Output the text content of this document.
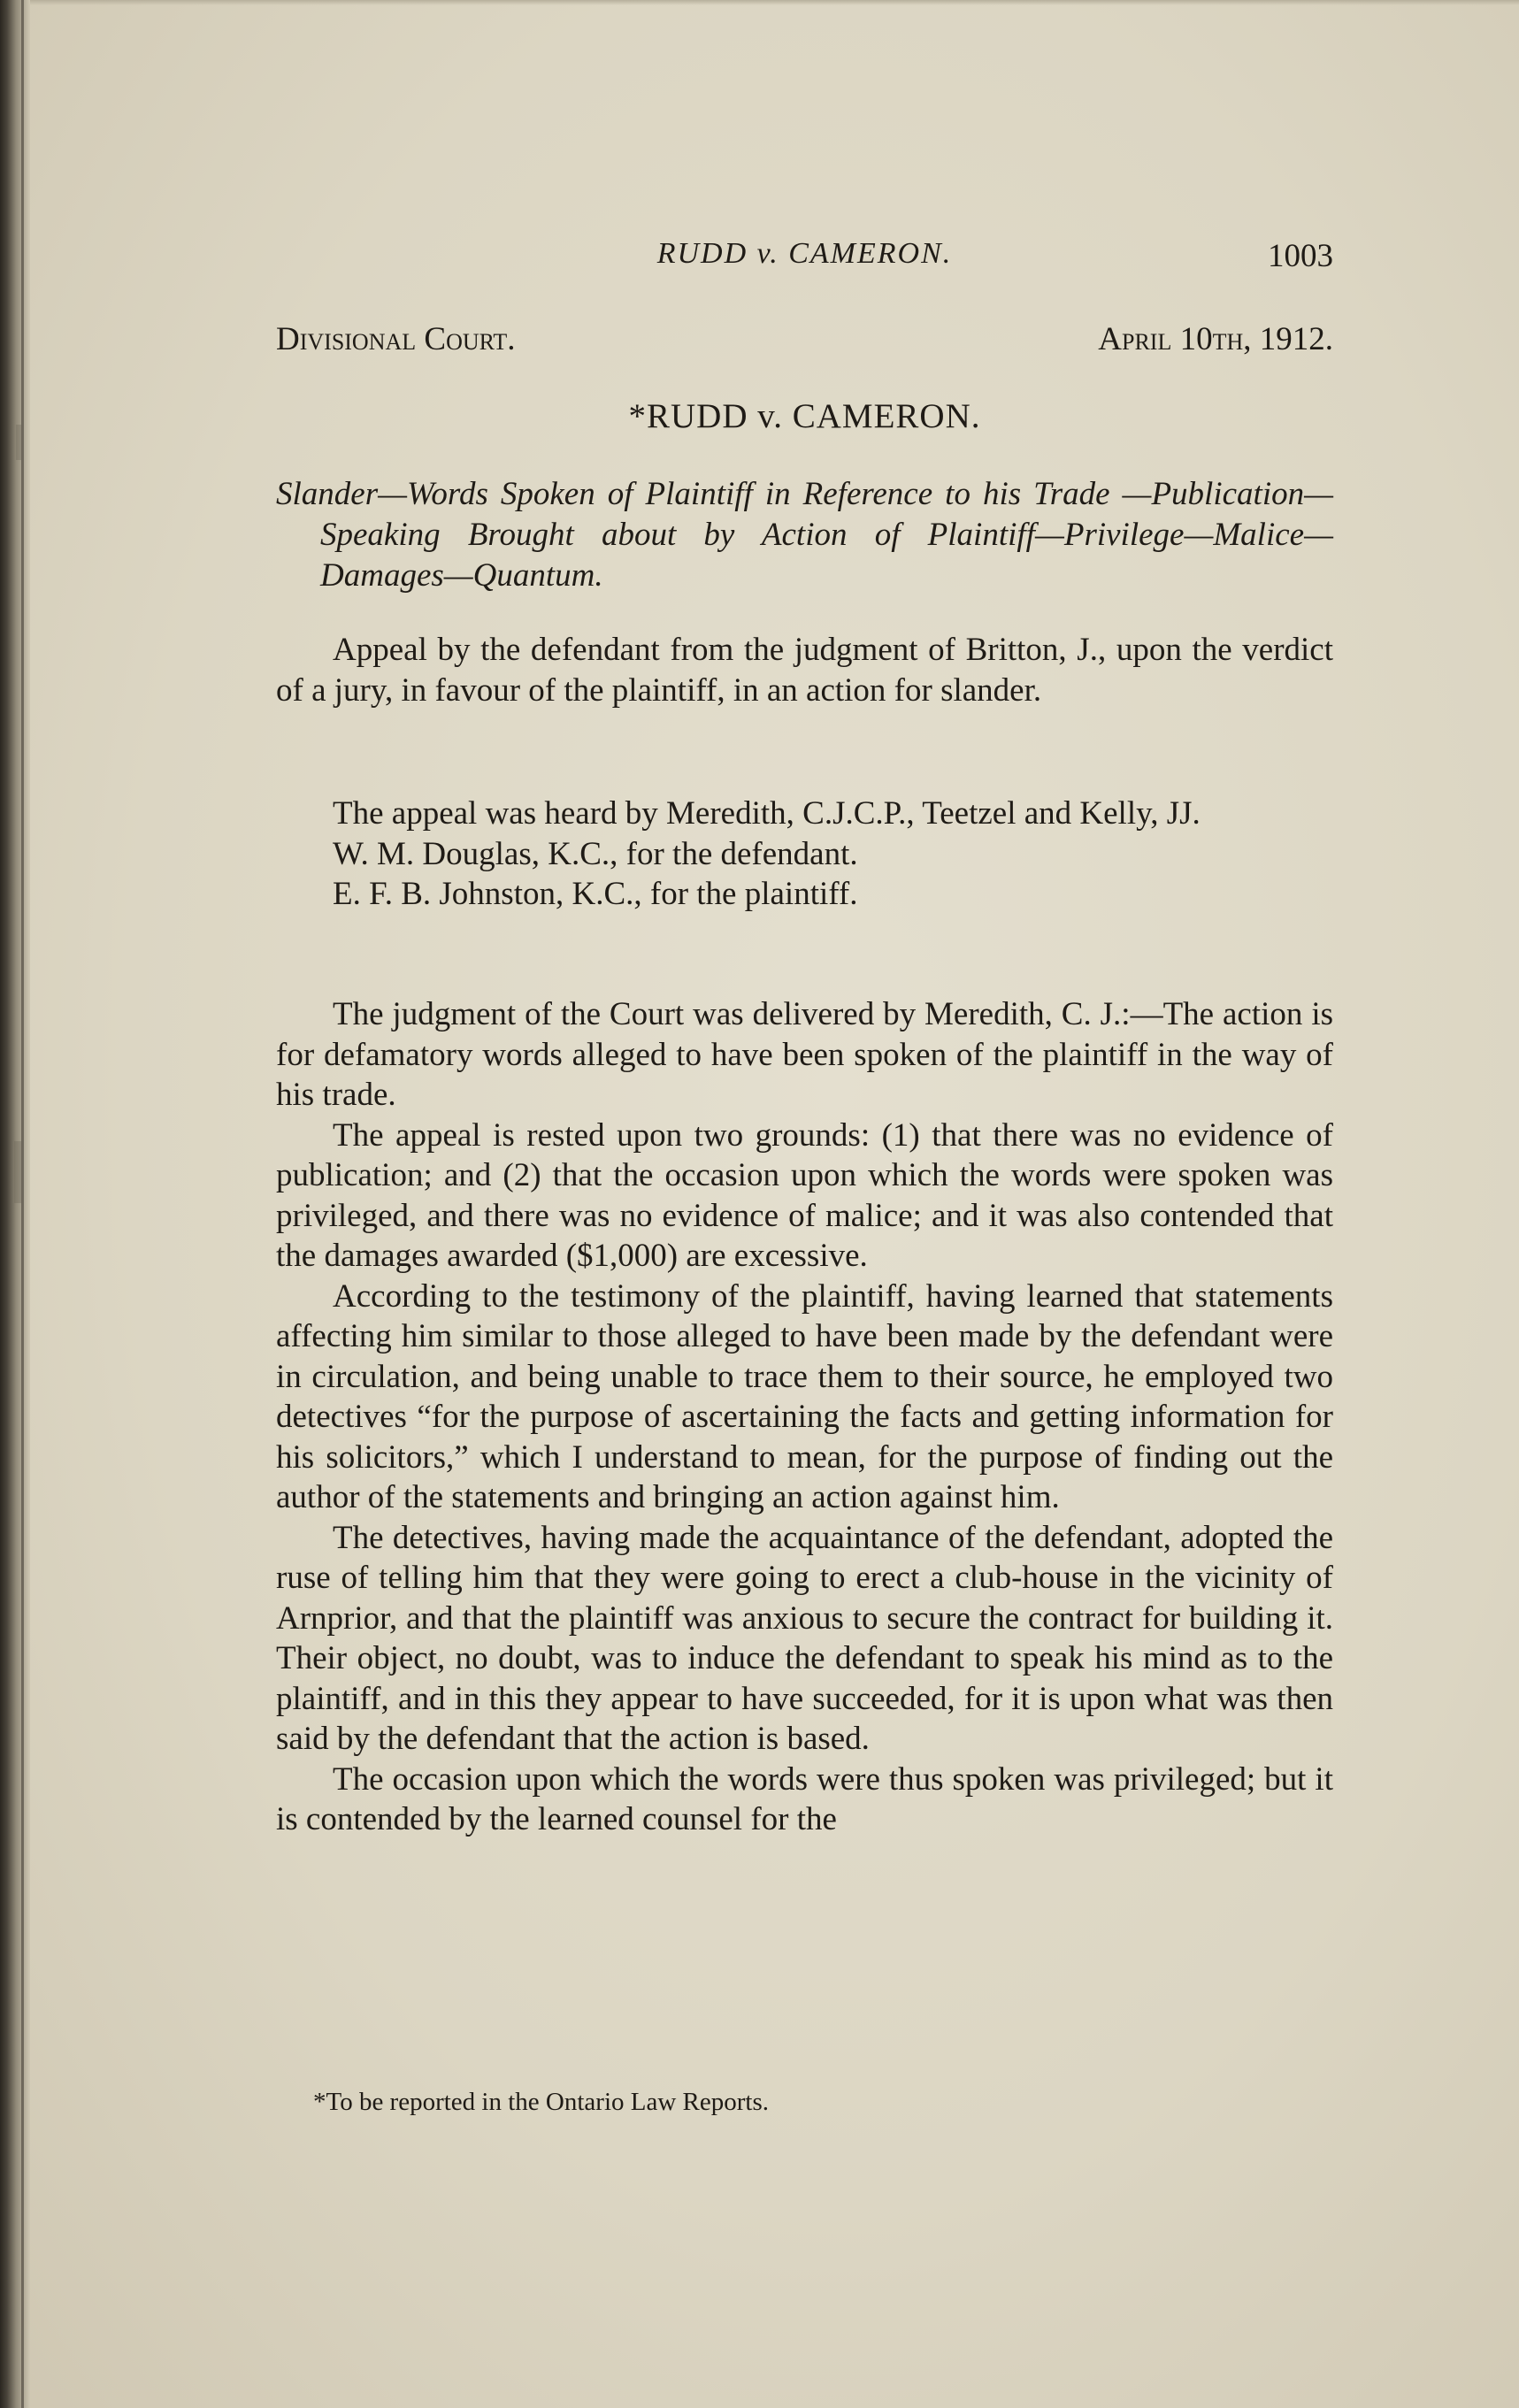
RUDD v. CAMERON.	1003
Divisional Court.	April 10th, 1912.
*RUDD v. CAMERON.
Slander—Words Spoken of Plaintiff in Reference to his Trade —Publication—Speaking Brought about by Action of Plaintiff—Privilege—Malice—Damages—Quantum.

Appeal by the defendant from the judgment of Britton, J., upon the verdict of a jury, in favour of the plaintiff, in an action for slander.

The appeal was heard by Meredith, C.J.C.P., Teetzel and Kelly, JJ.

W. M. Douglas, K.C., for the defendant.

E. F. B. Johnston, K.C., for the plaintiff.

The judgment of the Court was delivered by Meredith, C. J.:—The action is for defamatory words alleged to have been spoken of the plaintiff in the way of his trade.

The appeal is rested upon two grounds: (1) that there was no evidence of publication; and (2) that the occasion upon which the words were spoken was privileged, and there was no evidence of malice; and it was also contended that the damages awarded ($1,000) are excessive.

According to the testimony of the plaintiff, having learned that statements affecting him similar to those alleged to have been made by the defendant were in circulation, and being unable to trace them to their source, he employed two detectives “for the purpose of ascertaining the facts and getting information for his solicitors,” which I understand to mean, for the purpose of finding out the author of the statements and bringing an action against him.

The detectives, having made the acquaintance of the defendant, adopted the ruse of telling him that they were going to erect a club-house in the vicinity of Arnprior, and that the plaintiff was anxious to secure the contract for building it. Their object, no doubt, was to induce the defendant to speak his mind as to the plaintiff, and in this they appear to have succeeded, for it is upon what was then said by the defendant that the action is based.

The occasion upon which the words were thus spoken was privileged; but it is contended by the learned counsel for the

*To be reported in the Ontario Law Reports.
